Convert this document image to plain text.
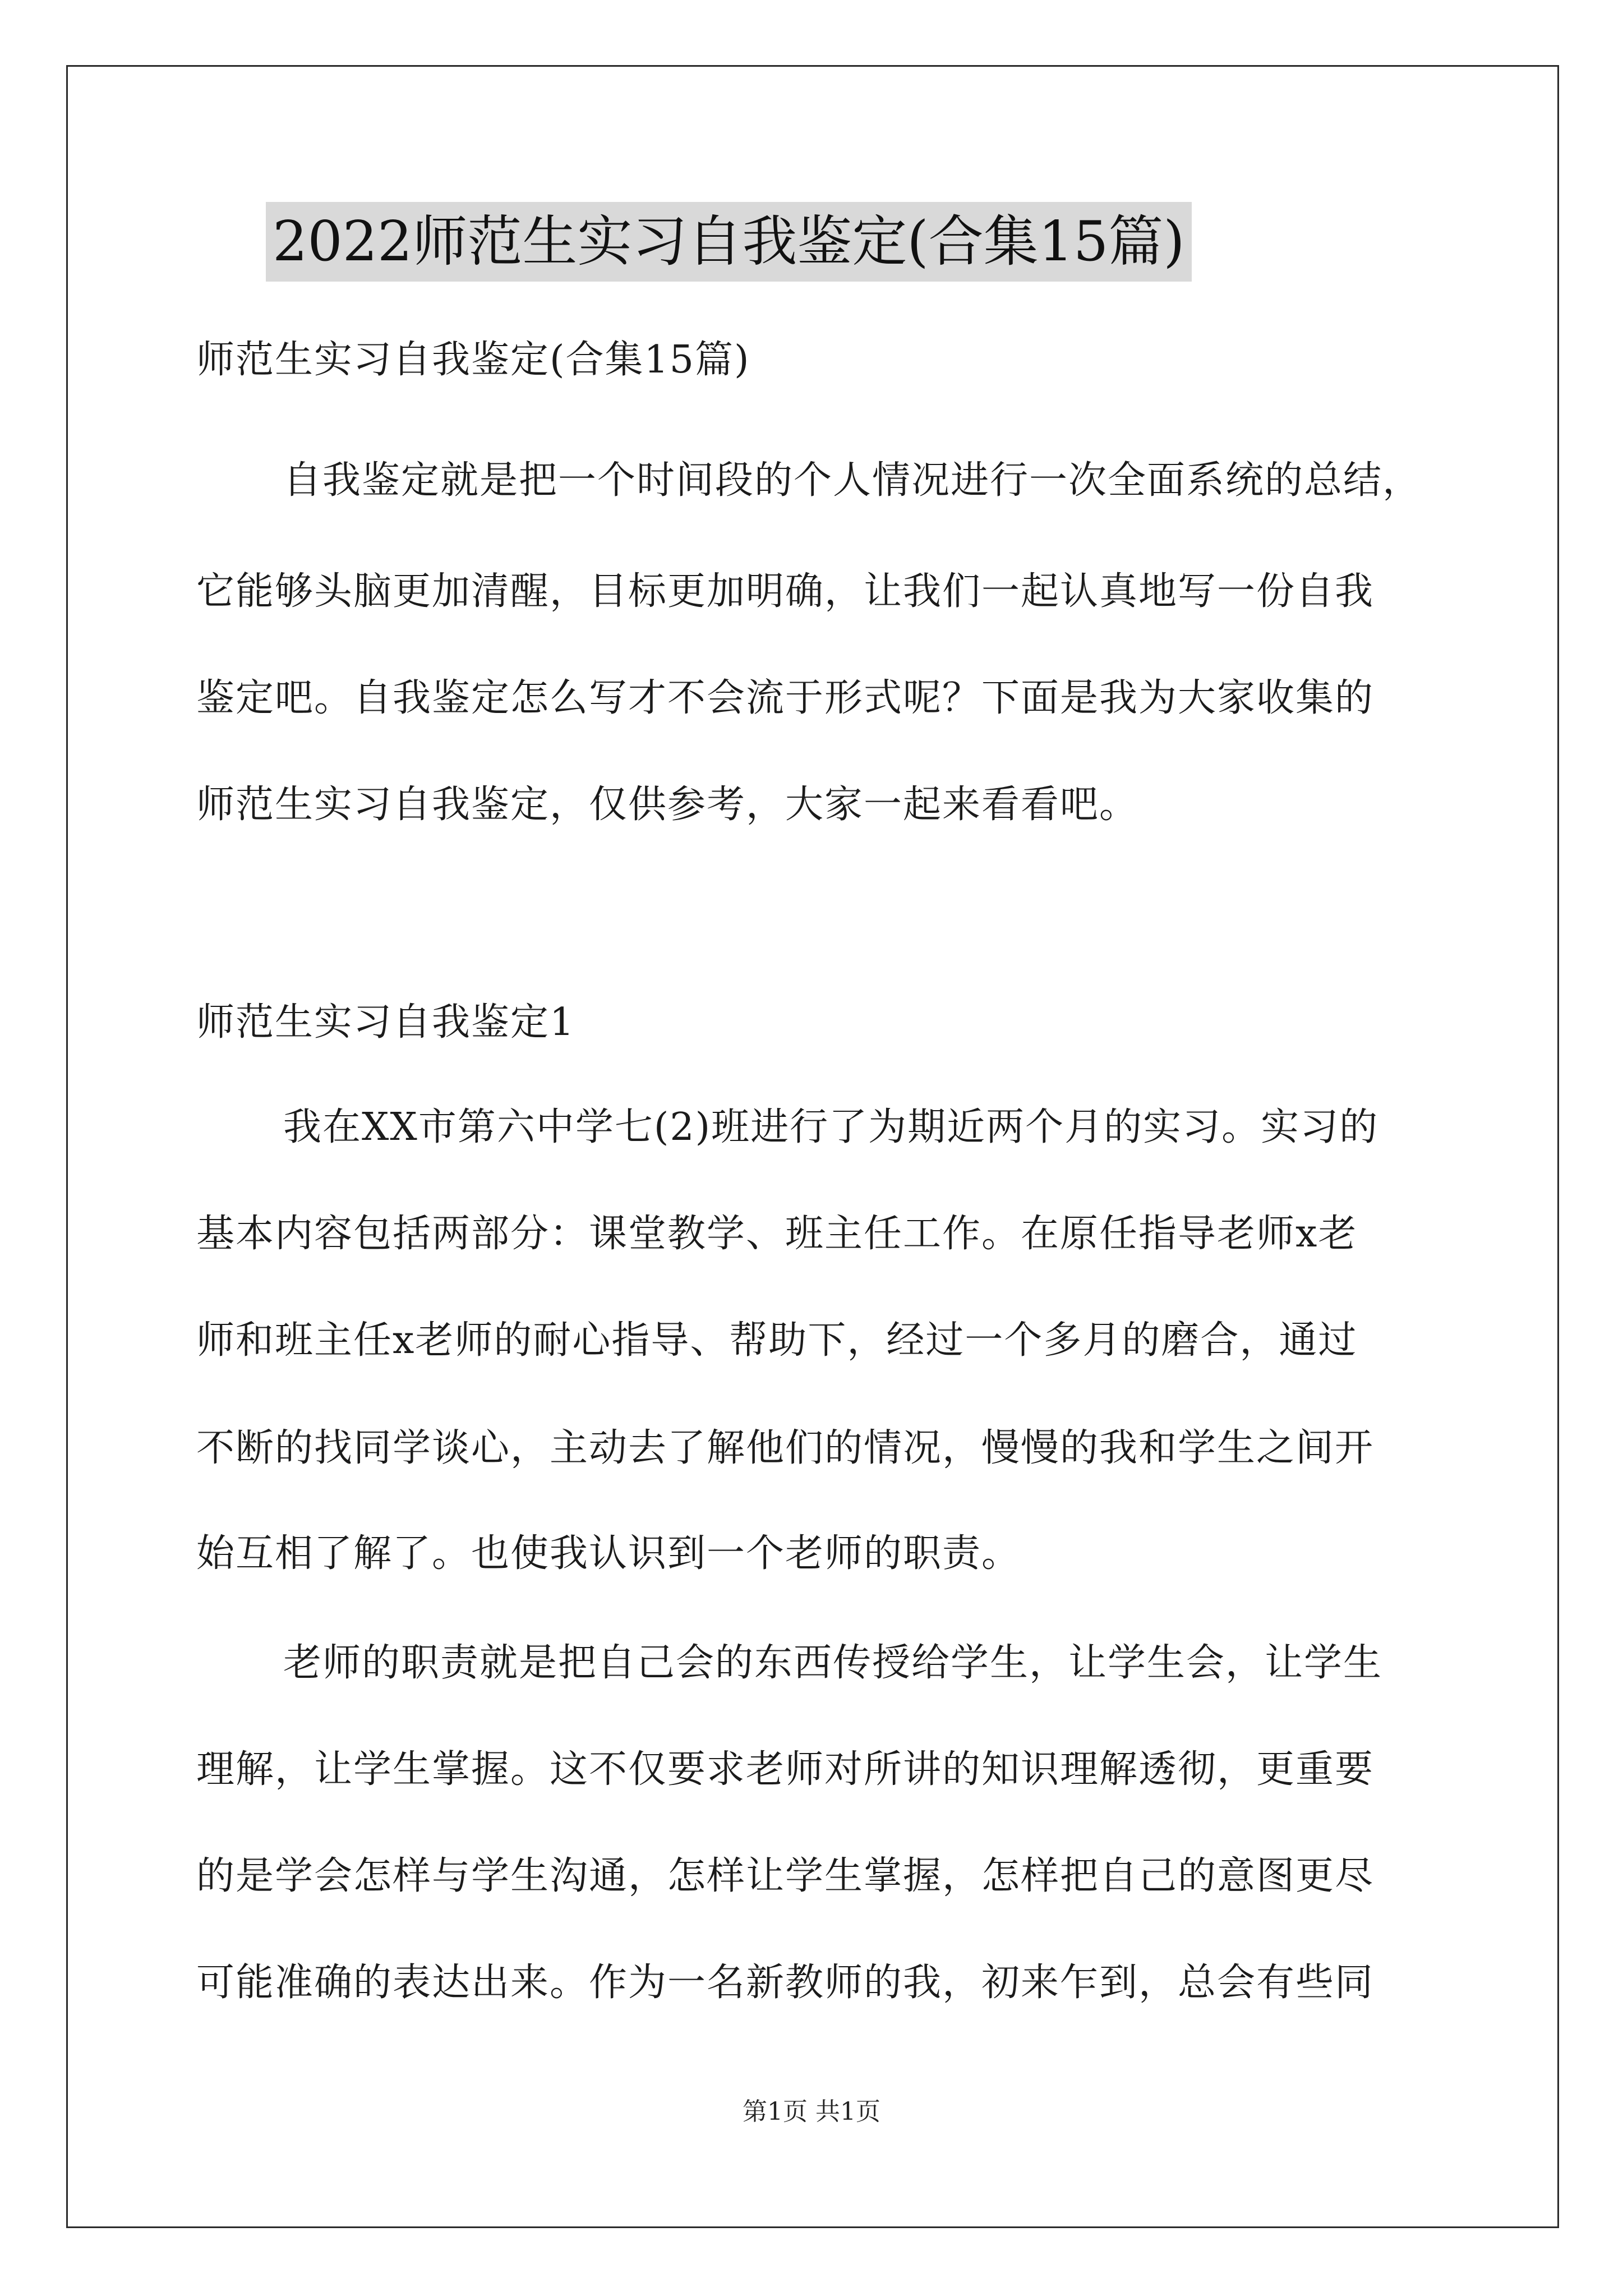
2022师范生实习自我鉴定(合集15篇)
师范生实习自我鉴定(合集15篇)
自我鉴定就是把一个时间段的个人情况进行一次全面系统的总结，
它能够头脑更加清醒，目标更加明确，让我们一起认真地写一份自我
鉴定吧。自我鉴定怎么写才不会流于形式呢？下面是我为大家收集的
师范生实习自我鉴定，仅供参考，大家一起来看看吧。
师范生实习自我鉴定1
我在XX市第六中学七(2)班进行了为期近两个月的实习。实习的
基本内容包括两部分：课堂教学、班主任工作。在原任指导老师x老
师和班主任x老师的耐心指导、帮助下，经过一个多月的磨合，通过
不断的找同学谈心，主动去了解他们的情况，慢慢的我和学生之间开
始互相了解了。也使我认识到一个老师的职责。
老师的职责就是把自己会的东西传授给学生，让学生会，让学生
理解，让学生掌握。这不仅要求老师对所讲的知识理解透彻，更重要
的是学会怎样与学生沟通，怎样让学生掌握，怎样把自己的意图更尽
可能准确的表达出来。作为一名新教师的我，初来乍到，总会有些同
第1页 共1页
